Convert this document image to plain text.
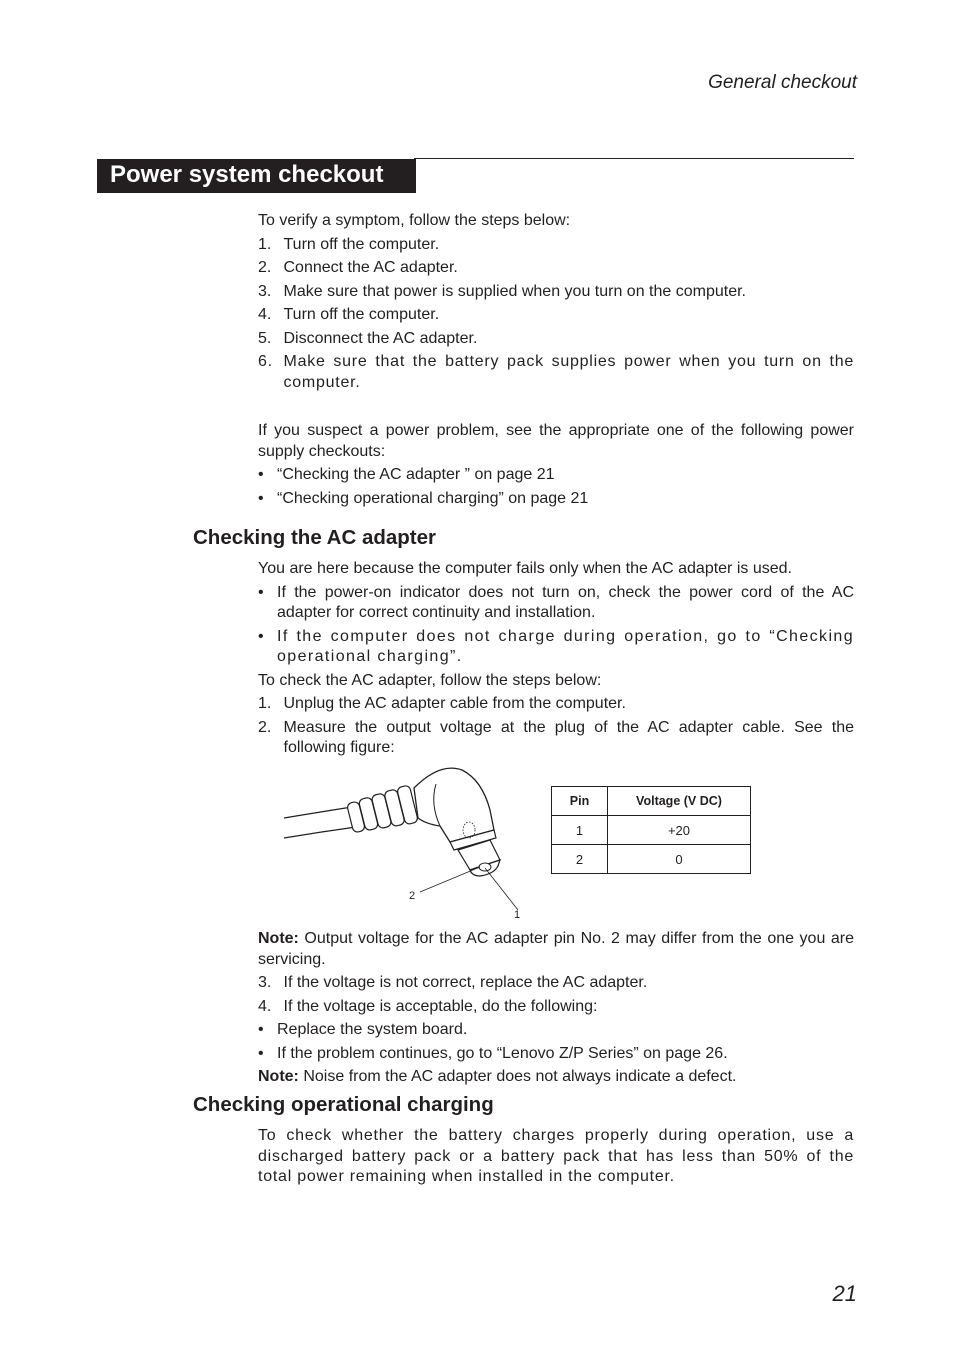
General checkout
Power system checkout
To verify a symptom, follow the steps below:
1. Turn off the computer.
2. Connect the AC adapter.
3. Make sure that power is supplied when you turn on the computer.
4. Turn off the computer.
5. Disconnect the AC adapter.
6. Make sure that the battery pack supplies power when you turn on the computer.
If you suspect a power problem, see the appropriate one of the following power supply checkouts:
• “Checking the AC adapter ” on page 21
• “Checking operational charging” on page 21
Checking the AC adapter
You are here because the computer fails only when the AC adapter is used.
• If the power-on indicator does not turn on, check the power cord of the AC adapter for correct continuity and installation.
• If the computer does not charge during operation, go to “Checking operational charging”.
To check the AC adapter, follow the steps below:
1. Unplug the AC adapter cable from the computer.
2. Measure the output voltage at the plug of the AC adapter cable. See the following figure:
2
1
Pin	Voltage (V DC)
1	+20
2	0
Note: Output voltage for the AC adapter pin No. 2 may differ from the one you are servicing.
3. If the voltage is not correct, replace the AC adapter.
4. If the voltage is acceptable, do the following:
• Replace the system board.
• If the problem continues, go to “Lenovo Z/P Series” on page 26.
Note: Noise from the AC adapter does not always indicate a defect.
Checking operational charging
To check whether the battery charges properly during operation, use a discharged battery pack or a battery pack that has less than 50% of the total power remaining when installed in the computer.
21
